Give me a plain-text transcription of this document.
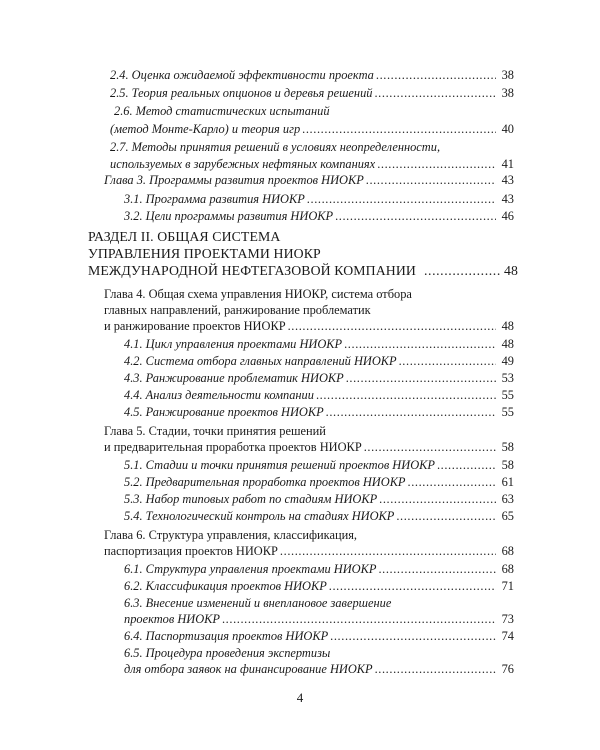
2.4. Оценка ожидаемой эффективности проекта .....	38
2.5. Теория реальных опционов и деревья решений .....	38
2.6. Метод статистических испытаний
(метод Монте-Карло) и теория игр .....	40
2.7. Методы принятия решений в условиях неопределенности,
используемых в зарубежных нефтяных компаниях .....	41
Глава 3. Программы развития проектов НИОКР .....	43
3.1. Программа развития НИОКР .....	43
3.2. Цели программы развития НИОКР .....	46
РАЗДЕЛ II. ОБЩАЯ СИСТЕМА
УПРАВЛЕНИЯ ПРОЕКТАМИ НИОКР
МЕЖДУНАРОДНОЙ НЕФТЕГАЗОВОЙ КОМПАНИИ .....	48
Глава 4. Общая схема управления НИОКР, система отбора
главных направлений, ранжирование проблематик
и ранжирование проектов НИОКР .....	48
4.1. Цикл управления проектами НИОКР .....	48
4.2. Система отбора главных направлений НИОКР .....	49
4.3. Ранжирование проблематик НИОКР .....	53
4.4. Анализ деятельности компании .....	55
4.5. Ранжирование проектов НИОКР .....	55
Глава 5. Стадии, точки принятия решений
и предварительная проработка проектов НИОКР .....	58
5.1. Стадии и точки принятия решений проектов НИОКР .....	58
5.2. Предварительная проработка проектов НИОКР .....	61
5.3. Набор типовых работ по стадиям НИОКР .....	63
5.4. Технологический контроль на стадиях НИОКР .....	65
Глава 6. Структура управления, классификация,
паспортизация проектов НИОКР .....	68
6.1. Структура управления проектами НИОКР .....	68
6.2. Классификация проектов НИОКР .....	71
6.3. Внесение изменений и внеплановое завершение
проектов НИОКР .....	73
6.4. Паспортизация проектов НИОКР .....	74
6.5. Процедура проведения экспертизы
для отбора заявок на финансирование НИОКР .....	76
4
